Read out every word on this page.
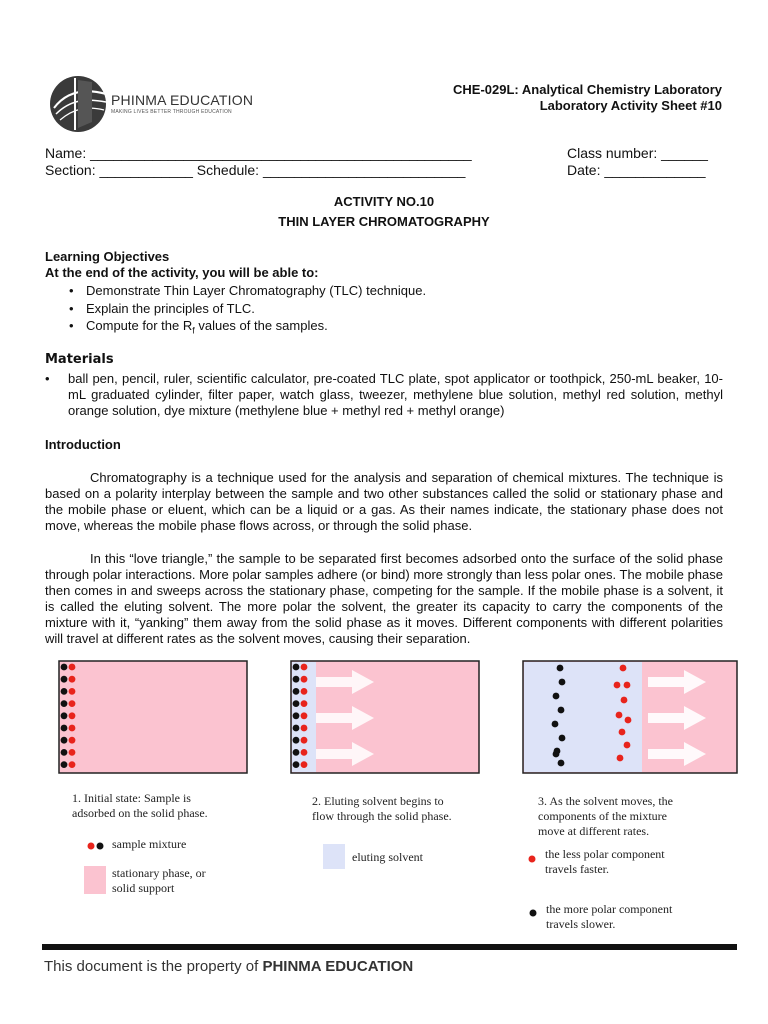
PHINMA EDUCATION
MAKING LIVES BETTER THROUGH EDUCATION
CHE-029L: Analytical Chemistry Laboratory
Laboratory Activity Sheet #10
Name: _________________________________________________	Class number: ______
Section: ____________ Schedule: __________________________	Date: _____________
ACTIVITY NO.10
THIN LAYER CHROMATOGRAPHY
Learning Objectives
At the end of the activity, you will be able to:
• Demonstrate Thin Layer Chromatography (TLC) technique.
• Explain the principles of TLC.
• Compute for the $R_f$ values of the samples.
Materials
• ball pen, pencil, ruler, scientific calculator, pre-coated TLC plate, spot applicator or toothpick, 250-mL beaker, 10-mL graduated cylinder, filter paper, watch glass, tweezer, methylene blue solution, methyl red solution, methyl orange solution, dye mixture (methylene blue + methyl red + methyl orange)
Introduction
Chromatography is a technique used for the analysis and separation of chemical mixtures. The technique is based on a polarity interplay between the sample and two other substances called the solid or stationary phase and the mobile phase or eluent, which can be a liquid or a gas. As their names indicate, the stationary phase does not move, whereas the mobile phase flows across, or through the solid phase.
In this “love triangle,” the sample to be separated first becomes adsorbed onto the surface of the solid phase through polar interactions. More polar samples adhere (or bind) more strongly than less polar ones. The mobile phase then comes in and sweeps across the stationary phase, competing for the sample. If the mobile phase is a solvent, it is called the eluting solvent. The more polar the solvent, the greater its capacity to carry the components of the mixture with it, “yanking” them away from the solid phase as it moves. Different components with different polarities will travel at different rates as the solvent moves, causing their separation.
1. Initial state: Sample is adsorbed on the solid phase.
sample mixture
stationary phase, or solid support
2. Eluting solvent begins to flow through the solid phase.
eluting solvent
3. As the solvent moves, the components of the mixture move at different rates.
the less polar component travels faster.
the more polar component travels slower.
This document is the property of PHINMA EDUCATION
